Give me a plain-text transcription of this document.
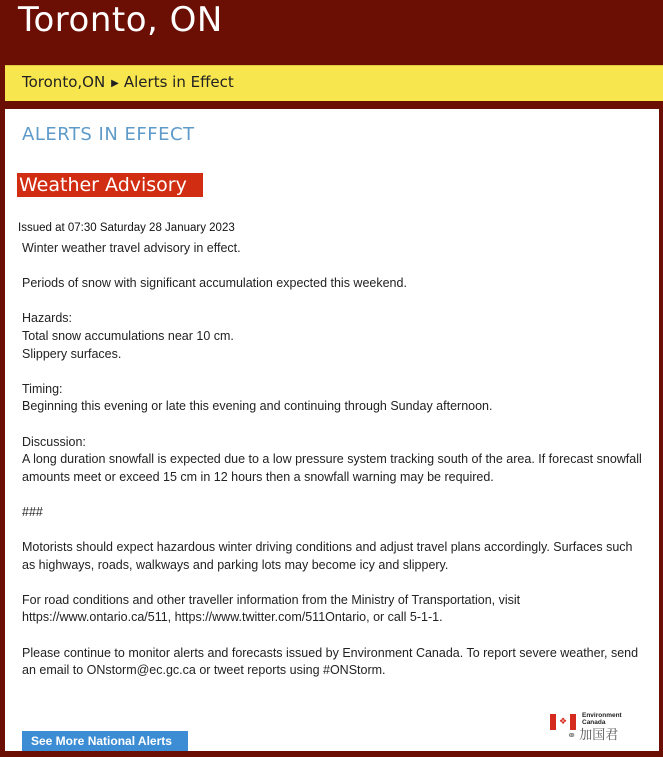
Toronto, ON
Toronto,ON ▶ Alerts in Effect
ALERTS IN EFFECT
Weather Advisory
Issued at 07:30 Saturday 28 January 2023

Winter weather travel advisory in effect.

Periods of snow with significant accumulation expected this weekend.

Hazards:
Total snow accumulations near 10 cm.
Slippery surfaces.

Timing:
Beginning this evening or late this evening and continuing through Sunday afternoon.

Discussion:
A long duration snowfall is expected due to a low pressure system tracking south of the area. If forecast snowfall amounts meet or exceed 15 cm in 12 hours then a snowfall warning may be required.

###

Motorists should expect hazardous winter driving conditions and adjust travel plans accordingly. Surfaces such as highways, roads, walkways and parking lots may become icy and slippery.

For road conditions and other traveller information from the Ministry of Transportation, visit https://www.ontario.ca/511, https://www.twitter.com/511Ontario, or call 5-1-1.

Please continue to monitor alerts and forecasts issued by Environment Canada. To report severe weather, send an email to ONstorm@ec.gc.ca or tweet reports using #ONStorm.

❖
Environment
Canada
⚭ 加国君
See More National Alerts
